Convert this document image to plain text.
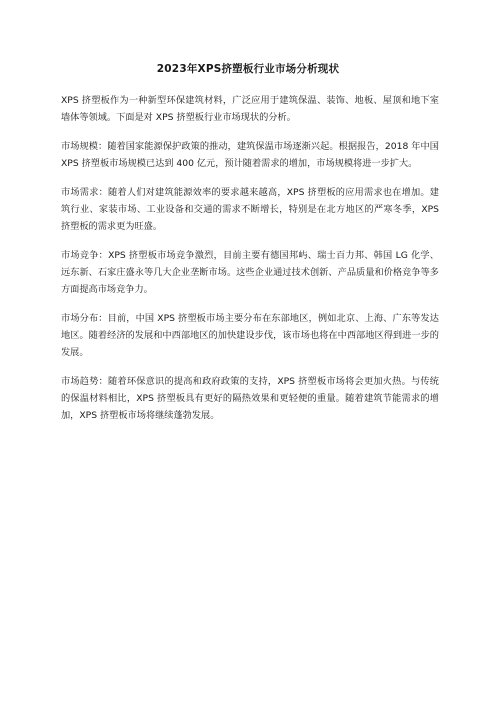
2023年XPS挤塑板行业市场分析现状

XPS 挤塑板作为一种新型环保建筑材料，广泛应用于建筑保温、装饰、地板、屋顶和地下室墙体等领域。下面是对 XPS 挤塑板行业市场现状的分析。

市场规模：随着国家能源保护政策的推动，建筑保温市场逐渐兴起。根据报告，2018 年中国 XPS 挤塑板市场规模已达到 400 亿元，预计随着需求的增加，市场规模将进一步扩大。

市场需求：随着人们对建筑能源效率的要求越来越高，XPS 挤塑板的应用需求也在增加。建筑行业、家装市场、工业设备和交通的需求不断增长，特别是在北方地区的严寒冬季，XPS 挤塑板的需求更为旺盛。

市场竞争：XPS 挤塑板市场竞争激烈，目前主要有德国邦屿、瑞士百力邦、韩国 LG 化学、远东新、石家庄盛永等几大企业垄断市场。这些企业通过技术创新、产品质量和价格竞争等多方面提高市场竞争力。

市场分布：目前，中国 XPS 挤塑板市场主要分布在东部地区，例如北京、上海、广东等发达地区。随着经济的发展和中西部地区的加快建设步伐，该市场也将在中西部地区得到进一步的发展。

市场趋势：随着环保意识的提高和政府政策的支持，XPS 挤塑板市场将会更加火热。与传统的保温材料相比，XPS 挤塑板具有更好的隔热效果和更轻便的重量。随着建筑节能需求的增加，XPS 挤塑板市场将继续蓬勃发展。
